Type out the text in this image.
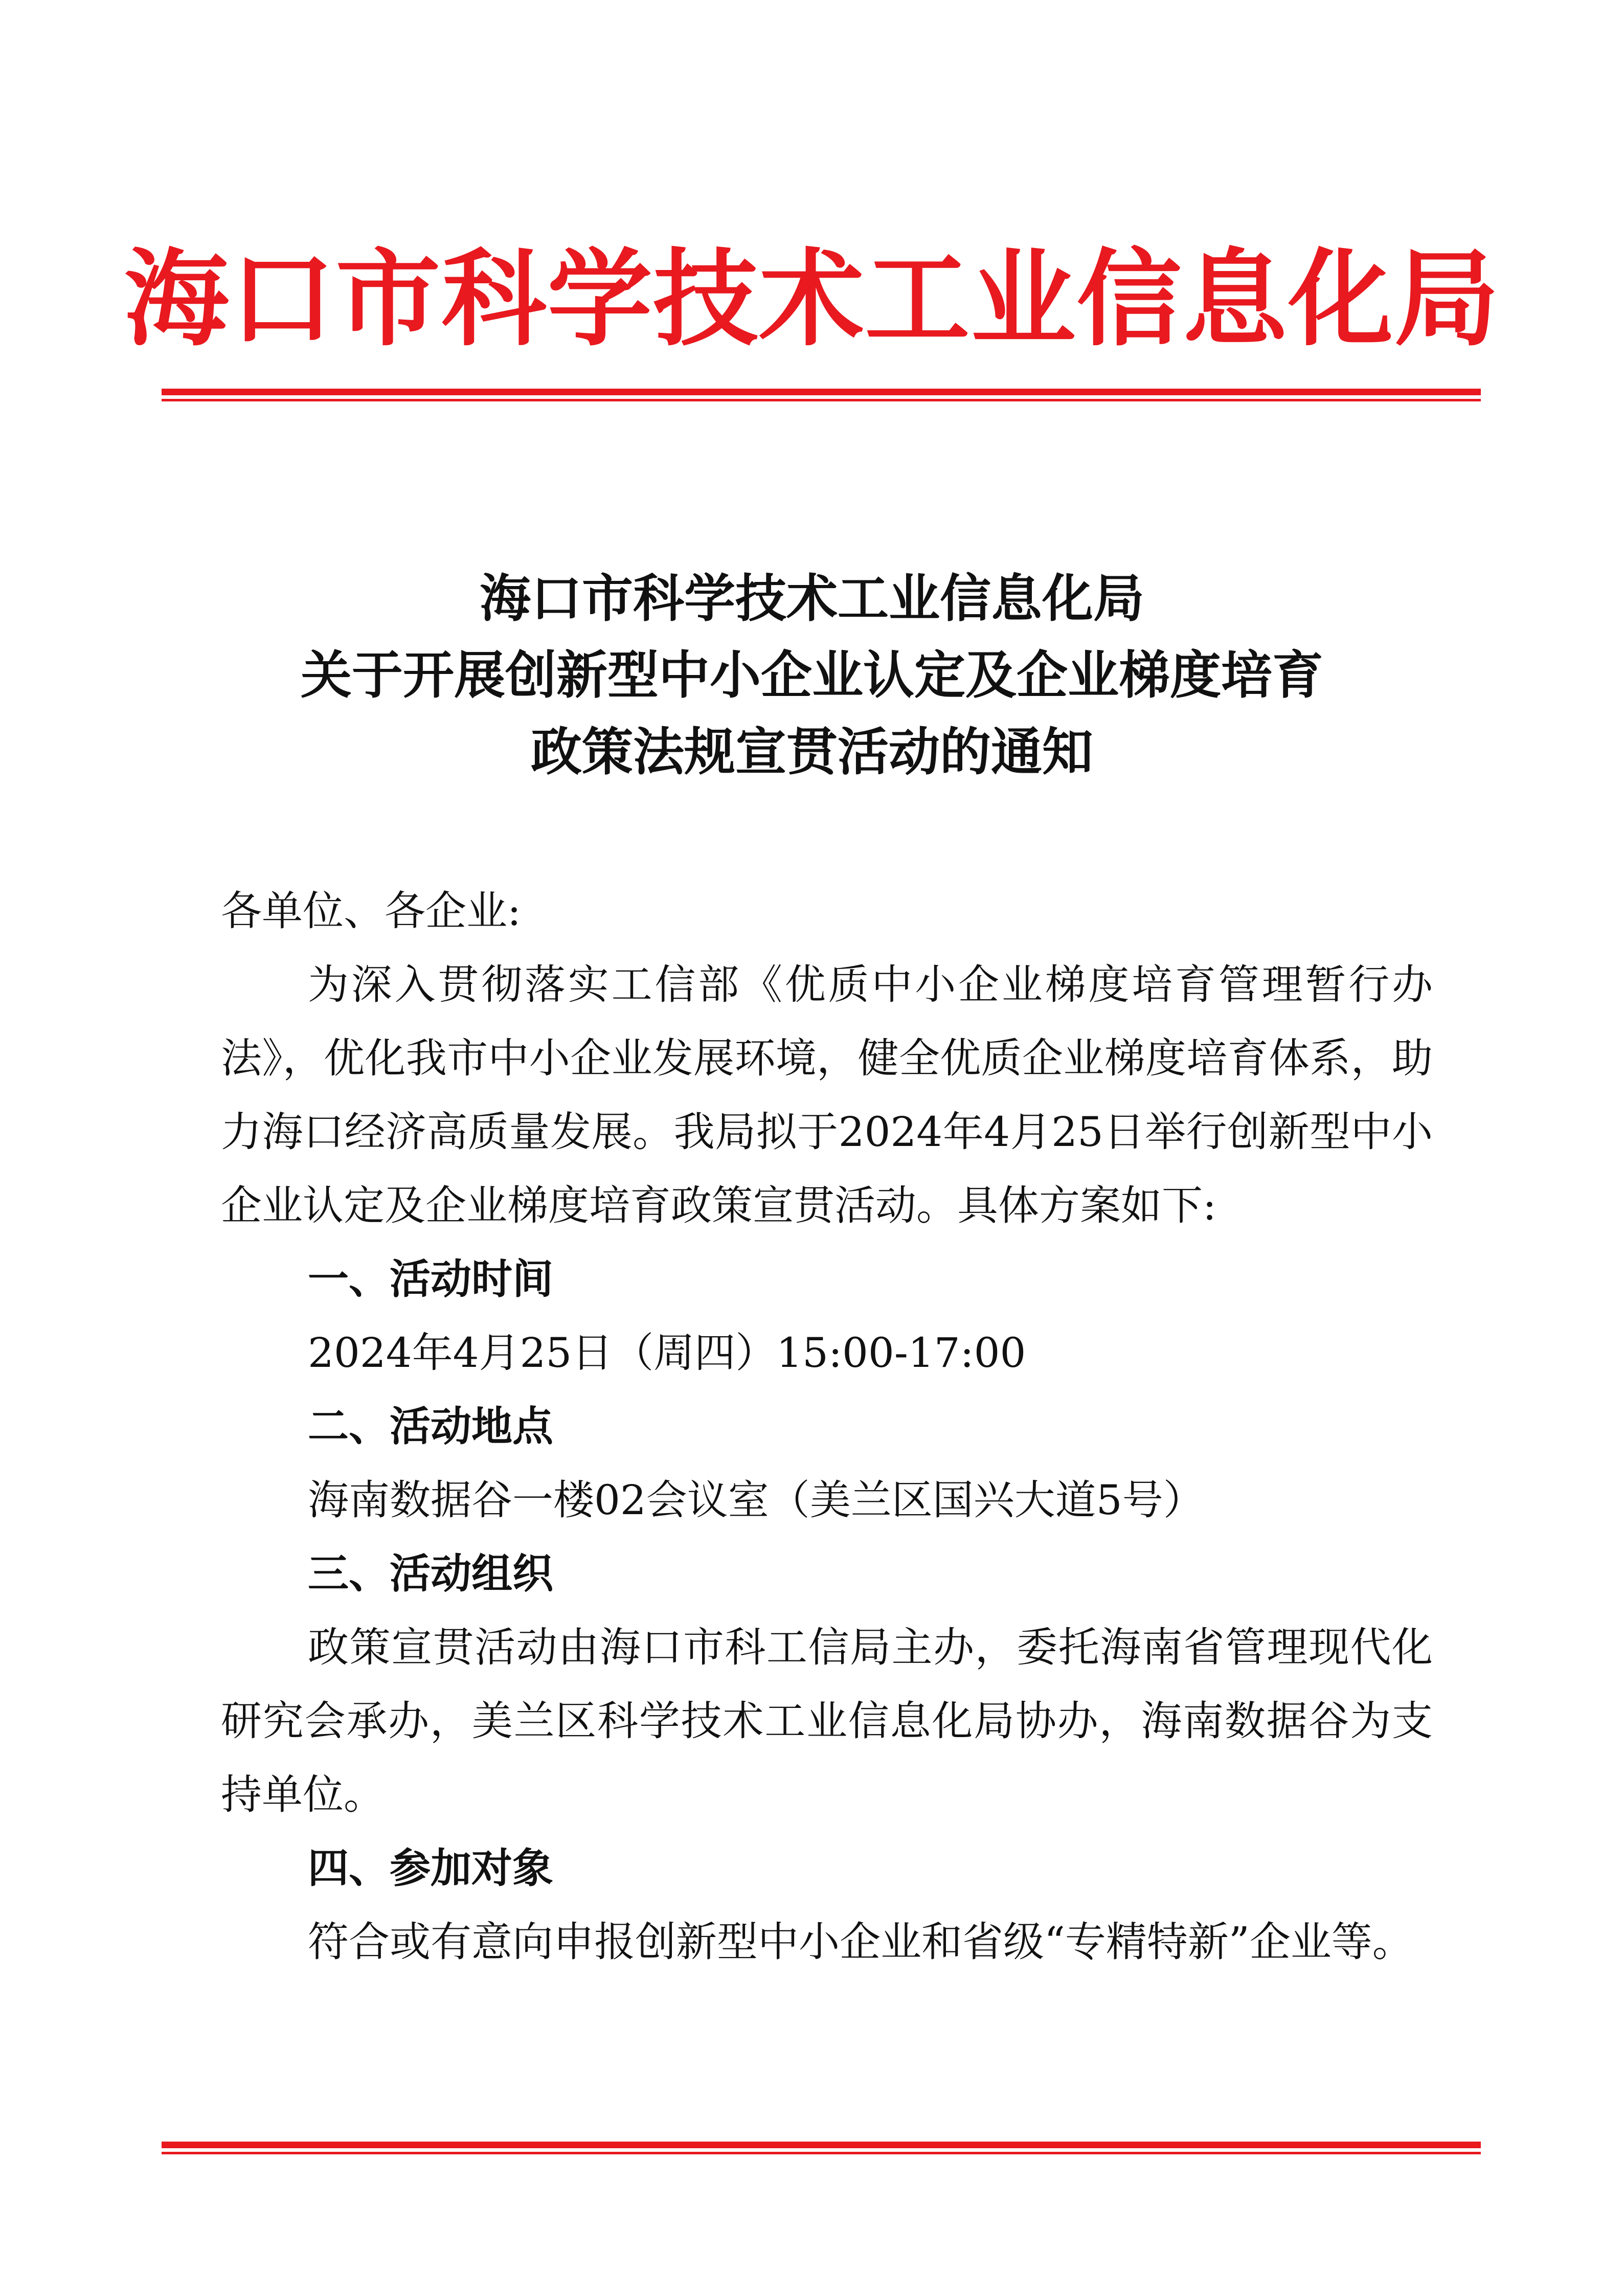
海口市科学技术工业信息化局
海口市科学技术工业信息化局
关于开展创新型中小企业认定及企业梯度培育
政策法规宣贯活动的通知

各单位、各企业:

为深入贯彻落实工信部《优质中小企业梯度培育管理暂行办法》，优化我市中小企业发展环境，健全优质企业梯度培育体系，助力海口经济高质量发展。我局拟于2024年4月25日举行创新型中小企业认定及企业梯度培育政策宣贯活动。具体方案如下:

一、活动时间

2024年4月25日（周四）15:00-17:00

二、活动地点

海南数据谷一楼02会议室（美兰区国兴大道5号）

三、活动组织

政策宣贯活动由海口市科工信局主办，委托海南省管理现代化研究会承办，美兰区科学技术工业信息化局协办，海南数据谷为支持单位。

四、参加对象

符合或有意向申报创新型中小企业和省级“专精特新”企业等。
